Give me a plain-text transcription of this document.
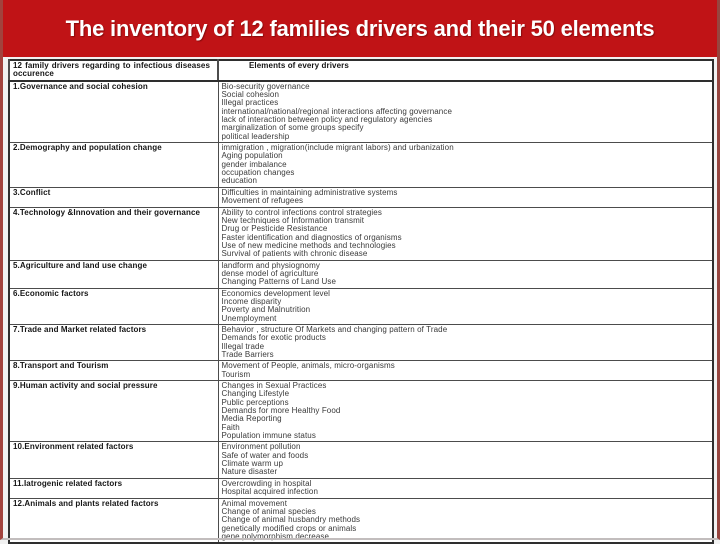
The inventory of 12 families drivers and their 50 elements
12 family drivers regarding to infectious diseases occurence	Elements of every drivers
1.Governance and social cohesion	Bio-security governance
Social cohesion
Illegal practices
international/national/regional interactions affecting governance
lack of interaction between policy and regulatory agencies
marginalization of some groups specify
political leadership

2.Demography and population change	immigration , migration(include migrant labors) and urbanization
Aging population
gender imbalance
occupation changes
education

3.Conflict	Difficulties in maintaining administrative systems
Movement of refugees

4.Technology &Innovation and their governance	Ability to control infections control strategies
New techniques of Information transmit
Drug or Pesticide Resistance
Faster identification and diagnostics of organisms
Use of new medicine methods and technologies
Survival of patients with chronic disease

5.Agriculture and land use change	landform and physiognomy
dense model of agriculture
Changing Patterns of Land Use

6.Economic factors	Economics development level
Income disparity
Poverty and Malnutrition
Unemployment

7.Trade and Market related factors	Behavior , structure Of Markets and changing pattern of Trade
Demands for exotic products
Illegal trade
Trade Barriers

8.Transport and Tourism	Movement of People, animals, micro-organisms
Tourism

9.Human activity and social pressure	Changes in Sexual Practices
Changing Lifestyle
Public perceptions
Demands for more Healthy Food
Media Reporting
Faith
Population immune status

10.Environment related factors	Environment pollution
Safe of water and foods
Climate warm up
Nature disaster

11.Iatrogenic related factors	Overcrowding in hospital
Hospital acquired infection

12.Animals and plants related factors	Animal movement
Change of animal species
Change of animal husbandry methods
genetically modified crops or animals
gene polymorphism decrease
